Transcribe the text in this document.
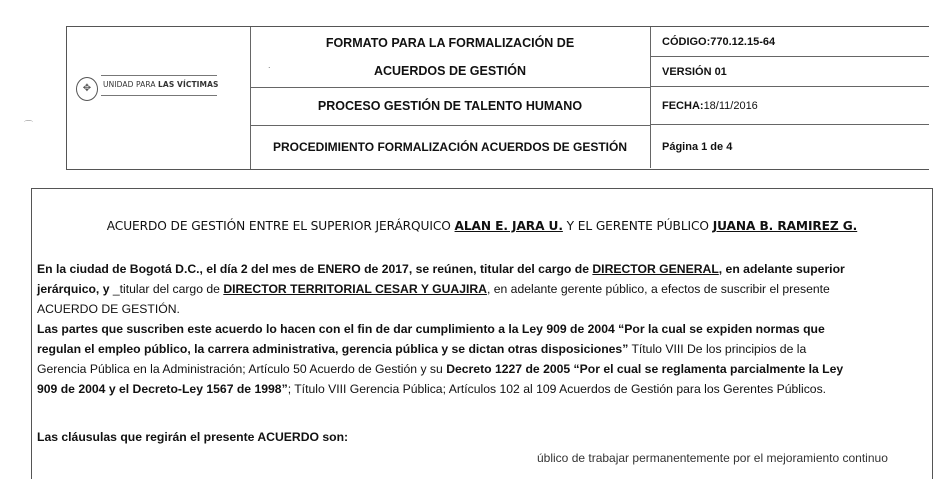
✥	UNIDAD PARA LAS VÍCTIMAS
FORMATO PARA LA FORMALIZACIÓN DE
ACUERDOS DE GESTIÓN
PROCESO GESTIÓN DE TALENTO HUMANO
PROCEDIMIENTO FORMALIZACIÓN ACUERDOS DE GESTIÓN
CÓDIGO:770.12.15-64
VERSIÓN 01
FECHA: 18/11/2016
Página 1 de 4
⌒
.
ACUERDO DE GESTIÓN ENTRE EL SUPERIOR JERÁRQUICO ALAN E. JARA U. Y EL GERENTE PÚBLICO JUANA B. RAMIREZ G.
En la ciudad de Bogotá D.C., el día 2 del mes de ENERO de 2017, se reúnen, titular del cargo de DIRECTOR GENERAL, en adelante superior jerárquico, y _titular del cargo de DIRECTOR TERRITORIAL CESAR Y GUAJIRA, en adelante gerente público, a efectos de suscribir el presente ACUERDO DE GESTIÓN.
Las partes que suscriben este acuerdo lo hacen con el fin de dar cumplimiento a la Ley 909 de 2004 “Por la cual se expiden normas que regulan el empleo público, la carrera administrativa, gerencia pública y se dictan otras disposiciones” Título VIII De los principios de la Gerencia Pública en la Administración; Artículo 50 Acuerdo de Gestión y su Decreto 1227 de 2005 “Por el cual se reglamenta parcialmente la Ley 909 de 2004 y el Decreto-Ley 1567 de 1998”; Título VIII Gerencia Pública; Artículos 102 al 109 Acuerdos de Gestión para los Gerentes Públicos.
Las cláusulas que regirán el presente ACUERDO son:
úblico de trabajar permanentemente por el mejoramiento continuo
